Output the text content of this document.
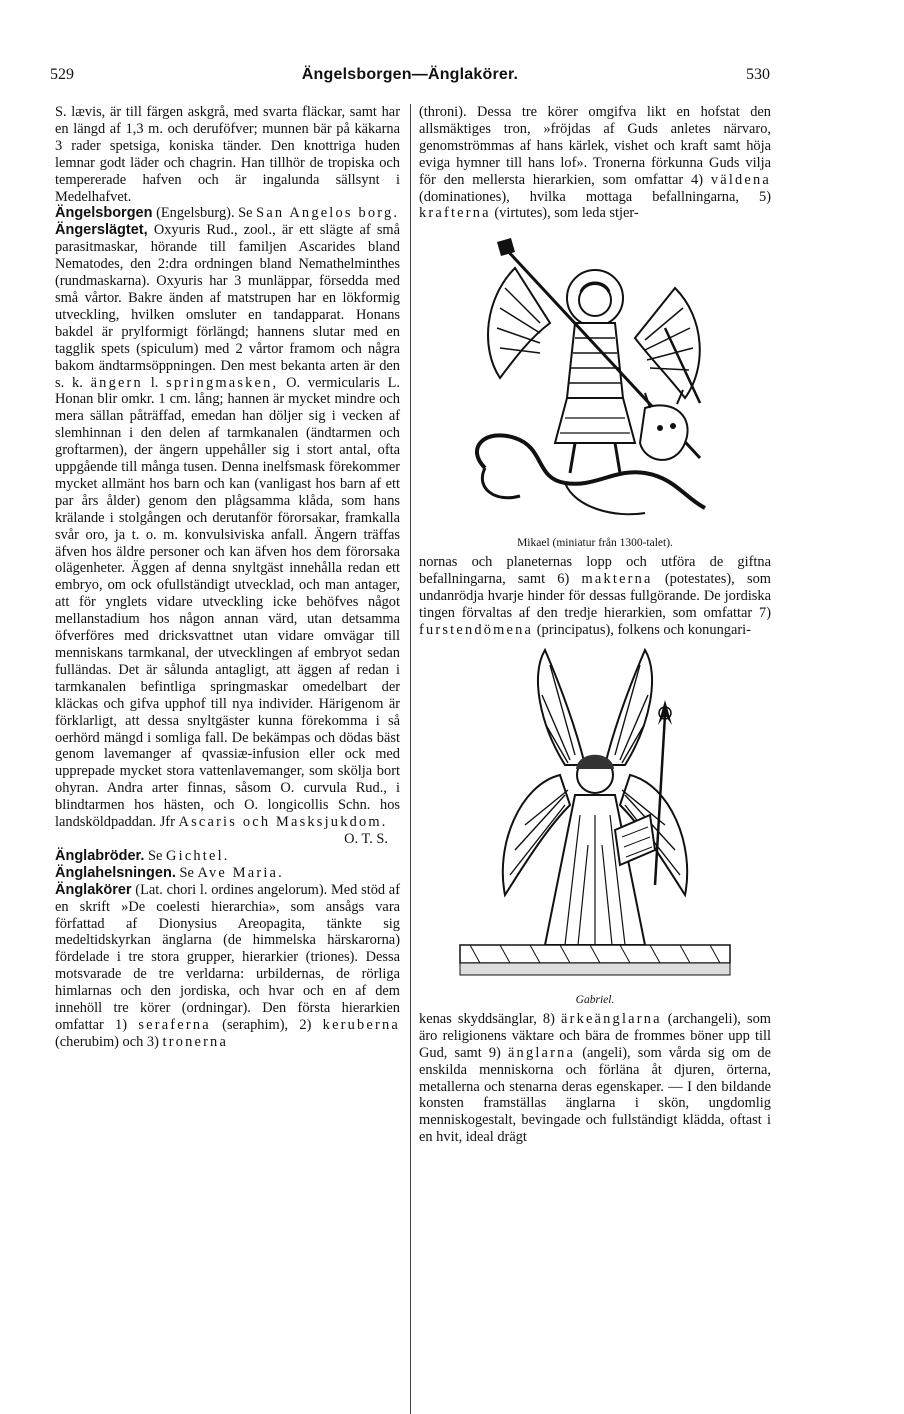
529	Ängelsborgen—Änglakörer.	530

S. lævis, är till färgen askgrå, med svarta fläckar, samt har en längd af 1,3 m. och deruföfver; munnen bär på käkarna 3 rader spetsiga, koniska tänder. Den knottriga huden lemnar godt läder och chagrin. Han tillhör de tropiska och tempererade hafven och är ingalunda sällsynt i Medelhafvet.

Ängelsborgen (Engelsburg). Se San Angelos borg.

Ängerslägtet, Oxyuris Rud., zool., är ett slägte af små parasitmaskar, hörande till familjen Ascarides bland Nematodes, den 2:dra ordningen bland Nemathelminthes (rundmaskarna). Oxyuris har 3 munläppar, försedda med små vårtor. Bakre änden af matstrupen har en lökformig utveckling, hvilken omsluter en tandapparat. Honans bakdel är prylformigt förlängd; hannens slutar med en tagglik spets (spiculum) med 2 vårtor framom och några bakom ändtarmsöppningen. Den mest bekanta arten är den s. k. ängern l. springmasken, O. vermicularis L. Honan blir omkr. 1 cm. lång; hannen är mycket mindre och mera sällan påträffad, emedan han döljer sig i vecken af slemhinnan i den delen af tarmkanalen (ändtarmen och groftarmen), der ängern uppehåller sig i stort antal, ofta uppgående till många tusen. Denna inelfsmask förekommer mycket allmänt hos barn och kan (vanligast hos barn af ett par års ålder) genom den plågsamma klåda, som hans krälande i stolgången och derutanför förorsakar, framkalla svår oro, ja t. o. m. konvulsiviska anfall. Ängern träffas äfven hos äldre personer och kan äfven hos dem förorsaka olägenheter. Äggen af denna snyltgäst innehålla redan ett embryo, om ock ofullständigt utvecklad, och man antager, att för ynglets vidare utveckling icke behöfves något mellanstadium hos någon annan värd, utan detsamma öfverföres med dricksvattnet utan vidare omvägar till menniskans tarmkanal, der utvecklingen af embryot sedan fulländas. Det är sålunda antagligt, att äggen af redan i tarmkanalen befintliga springmaskar omedelbart der kläckas och gifva upphof till nya individer. Härigenom är förklarligt, att dessa snyltgäster kunna förekomma i så oerhörd mängd i somliga fall. De bekämpas och dödas bäst genom lavemanger af qvassiæ-infusion eller ock med upprepade mycket stora vattenlavemanger, som skölja bort ohyran. Andra arter finnas, såsom O. curvula Rud., i blindtarmen hos hästen, och O. longicollis Schn. hos landsköldpaddan. Jfr Ascaris och Masksjukdom.
O. T. S.

Änglabröder. Se Gichtel.

Änglahelsningen. Se Ave Maria.

Änglakörer (Lat. chori l. ordines angelorum). Med stöd af en skrift »De coelesti hierarchia», som ansågs vara författad af Dionysius Areopagita, tänkte sig medeltidskyrkan änglarna (de himmelska härskarorna) fördelade i tre stora grupper, hierarkier (triones). Dessa motsvarade de tre verldarna: urbildernas, de rörliga himlarnas och den jordiska, och hvar och en af dem innehöll tre körer (ordningar). Den första hierarkien omfattar 1) seraferna (seraphim), 2) keruberna (cherubim) och 3) tronerna

(throni). Dessa tre körer omgifva likt en hofstat den allsmäktiges tron, »fröjdas af Guds anletes närvaro, genomströmmas af hans kärlek, vishet och kraft samt höja eviga hymner till hans lof». Tronerna förkunna Guds vilja för den mellersta hierarkien, som omfattar 4) väldena (dominationes), hvilka mottaga befallningarna, 5) krafterna (virtutes), som leda stjer-

Mikael (miniatur från 1300-talet).

nornas och planeternas lopp och utföra de giftna befallningarna, samt 6) makterna (potestates), som undanrödja hvarje hinder för dessas fullgörande. De jordiska tingen förvaltas af den tredje hierarkien, som omfattar 7) furstendömena (principatus), folkens och konungari-

Gabriel.

kenas skyddsänglar, 8) ärkeänglarna (archangeli), som äro religionens väktare och bära de frommes böner upp till Gud, samt 9) änglarna (angeli), som vårda sig om de enskilda menniskorna och förläna åt djuren, örterna, metallerna och stenarna deras egenskaper. — I den bildande konsten framställas änglarna i skön, ungdomlig menniskogestalt, bevingade och fullständigt klädda, oftast i en hvit, ideal drägt
